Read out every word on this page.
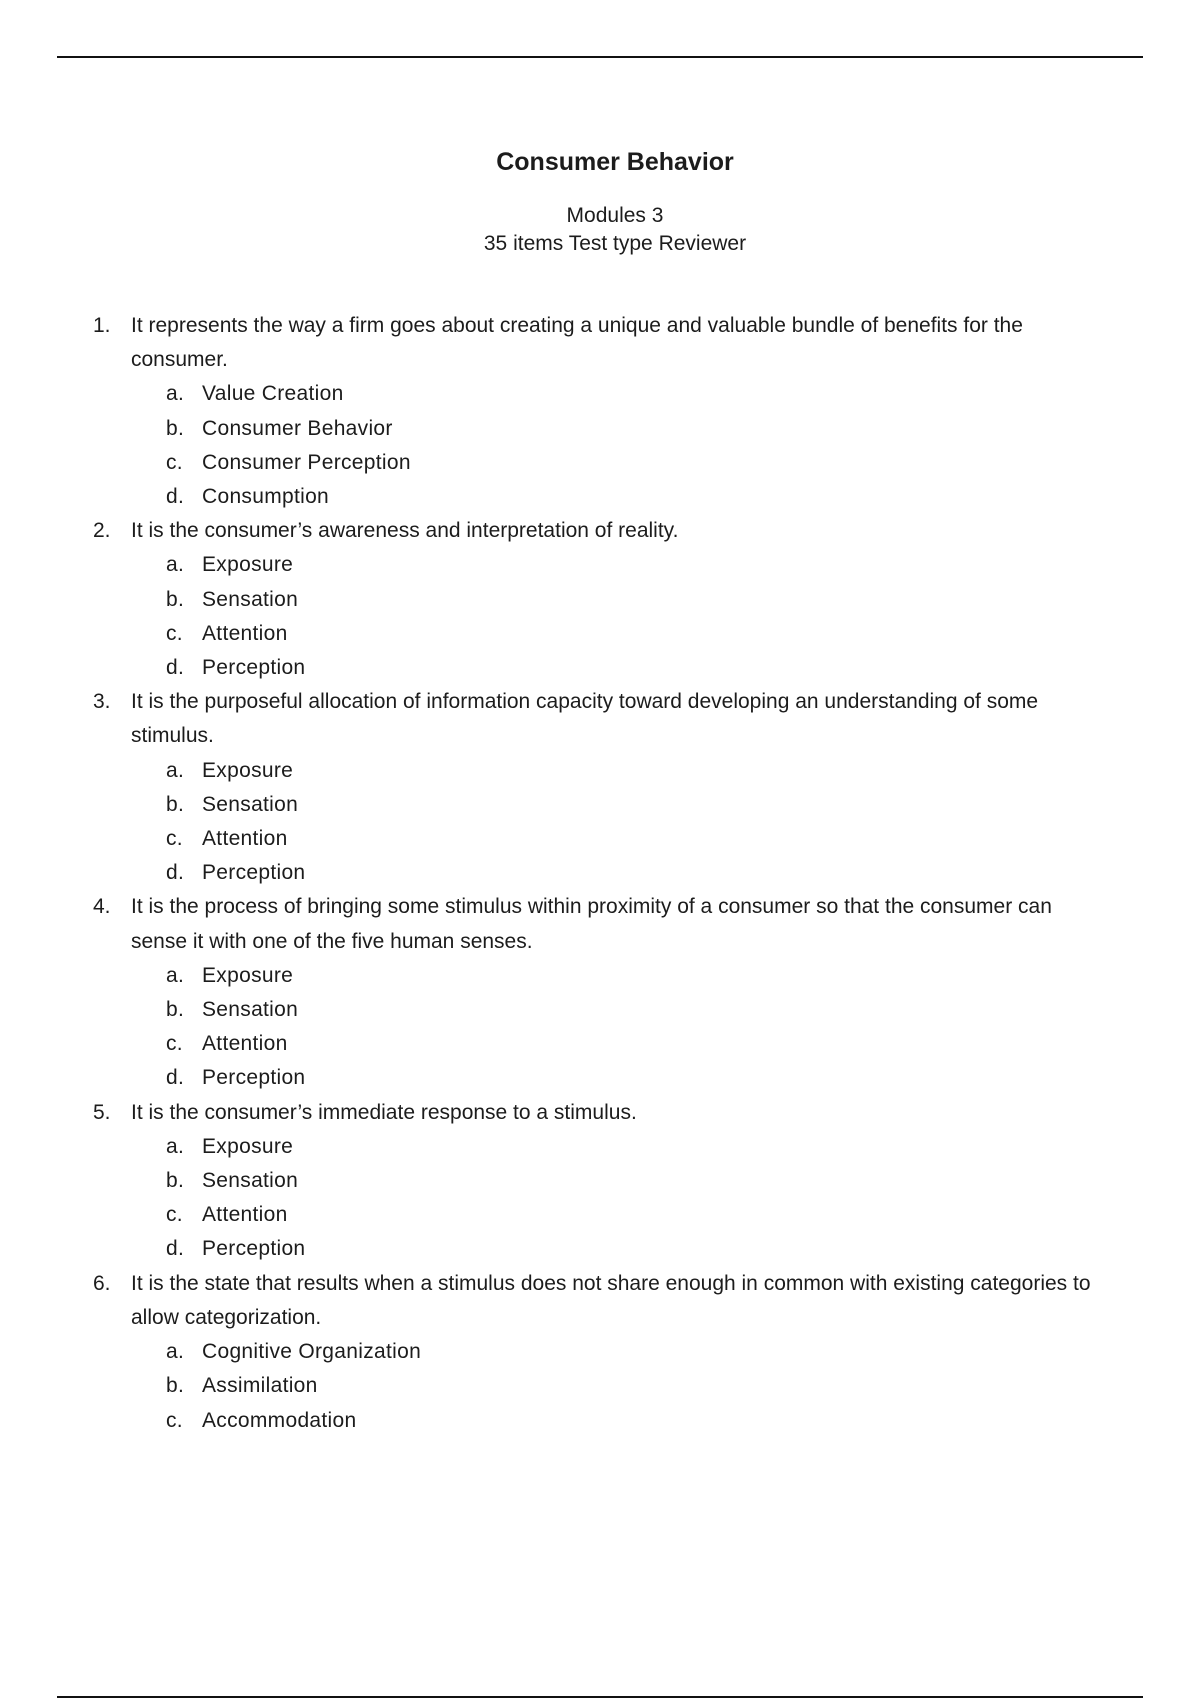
Consumer Behavior
Modules 3
35 items Test type Reviewer
1. It represents the way a firm goes about creating a unique and valuable bundle of benefits for the consumer.
a. Value Creation
b. Consumer Behavior
c. Consumer Perception
d. Consumption
2. It is the consumer’s awareness and interpretation of reality.
a. Exposure
b. Sensation
c. Attention
d. Perception
3. It is the purposeful allocation of information capacity toward developing an understanding of some stimulus.
a. Exposure
b. Sensation
c. Attention
d. Perception
4. It is the process of bringing some stimulus within proximity of a consumer so that the consumer can sense it with one of the five human senses.
a. Exposure
b. Sensation
c. Attention
d. Perception
5. It is the consumer’s immediate response to a stimulus.
a. Exposure
b. Sensation
c. Attention
d. Perception
6. It is the state that results when a stimulus does not share enough in common with existing categories to allow categorization.
a. Cognitive Organization
b. Assimilation
c. Accommodation
